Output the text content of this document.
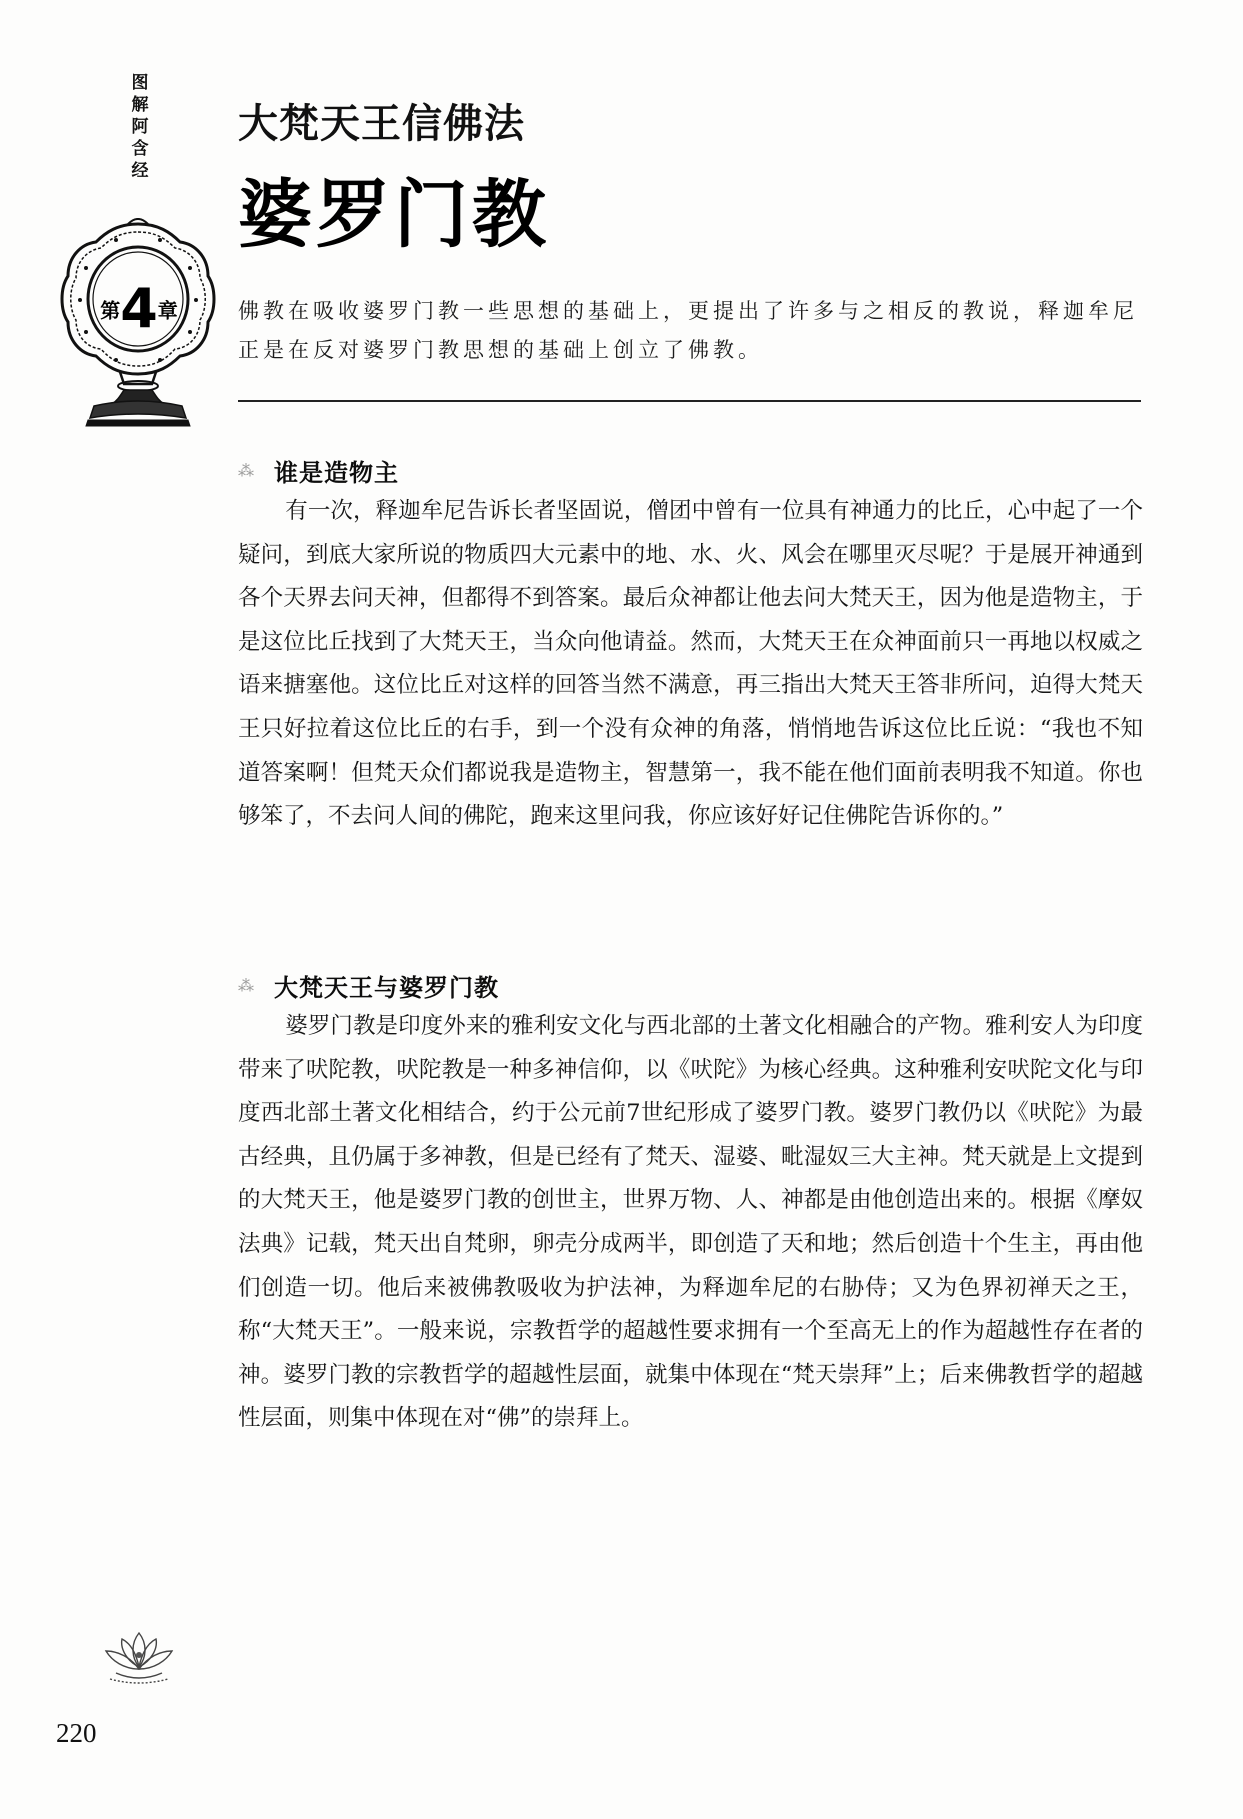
图
解
阿
含
经
第4章
大梵天王信佛法
婆罗门教

佛教在吸收婆罗门教一些思想的基础上，更提出了许多与之相反的教说，释迦牟尼正是在反对婆罗门教思想的基础上创立了佛教。

⁂ 谁是造物主

有一次，释迦牟尼告诉长者坚固说，僧团中曾有一位具有神通力的比丘，心中起了一个疑问，到底大家所说的物质四大元素中的地、水、火、风会在哪里灭尽呢？于是展开神通到各个天界去问天神，但都得不到答案。最后众神都让他去问大梵天王，因为他是造物主，于是这位比丘找到了大梵天王，当众向他请益。然而，大梵天王在众神面前只一再地以权威之语来搪塞他。这位比丘对这样的回答当然不满意，再三指出大梵天王答非所问，迫得大梵天王只好拉着这位比丘的右手，到一个没有众神的角落，悄悄地告诉这位比丘说：“我也不知道答案啊！但梵天众们都说我是造物主，智慧第一，我不能在他们面前表明我不知道。你也够笨了，不去问人间的佛陀，跑来这里问我，你应该好好记住佛陀告诉你的。”

⁂ 大梵天王与婆罗门教

婆罗门教是印度外来的雅利安文化与西北部的土著文化相融合的产物。雅利安人为印度带来了吠陀教，吠陀教是一种多神信仰，以《吠陀》为核心经典。这种雅利安吠陀文化与印度西北部土著文化相结合，约于公元前7世纪形成了婆罗门教。婆罗门教仍以《吠陀》为最古经典，且仍属于多神教，但是已经有了梵天、湿婆、毗湿奴三大主神。梵天就是上文提到的大梵天王，他是婆罗门教的创世主，世界万物、人、神都是由他创造出来的。根据《摩奴法典》记载，梵天出自梵卵，卵壳分成两半，即创造了天和地；然后创造十个生主，再由他们创造一切。他后来被佛教吸收为护法神，为释迦牟尼的右胁侍；又为色界初禅天之王，称“大梵天王”。一般来说，宗教哲学的超越性要求拥有一个至高无上的作为超越性存在者的神。婆罗门教的宗教哲学的超越性层面，就集中体现在“梵天崇拜”上；后来佛教哲学的超越性层面，则集中体现在对“佛”的崇拜上。

220
